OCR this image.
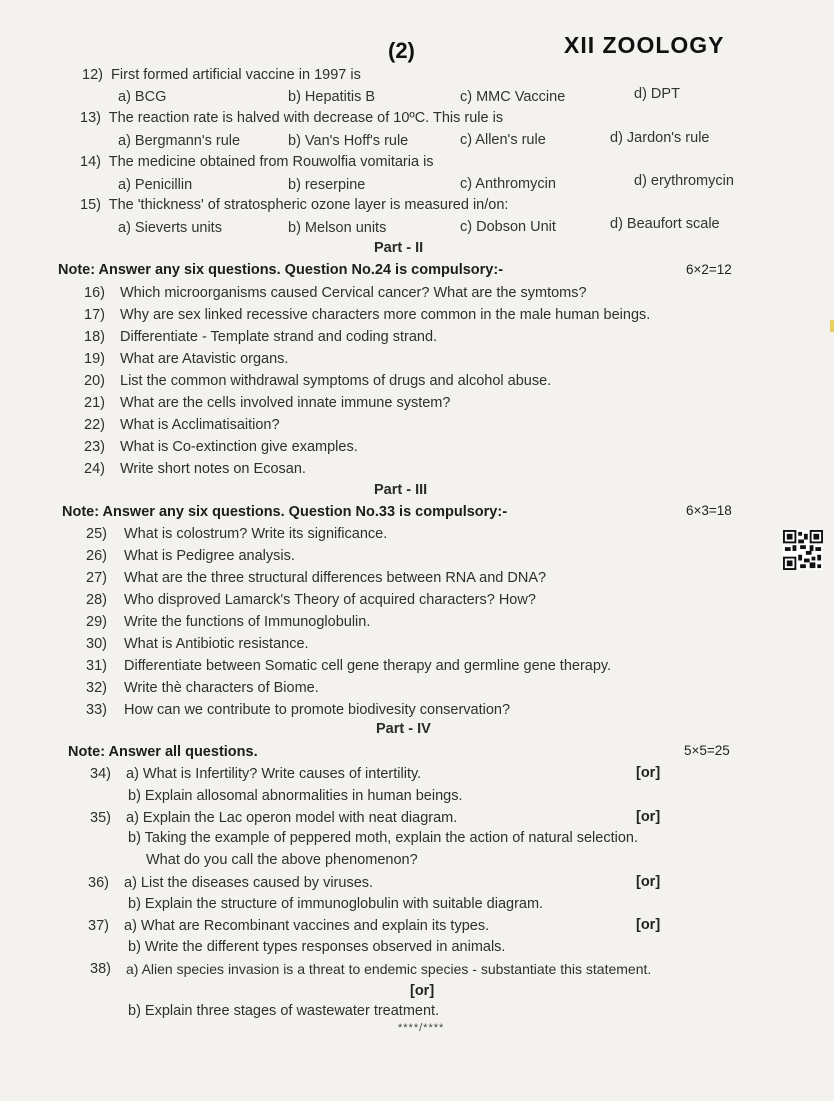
(2)	XII ZOOLOGY
12) First formed artificial vaccine in 1997 is
a) BCG	b) Hepatitis B	c) MMC Vaccine	d) DPT
13) The reaction rate is halved with decrease of 10ºC. This rule is
a) Bergmann's rule	b) Van's Hoff's rule	c) Allen's rule	d) Jardon's rule
14) The medicine obtained from Rouwolfia vomitaria is
a) Penicillin	b) reserpine	c) Anthromycin	d) erythromycin
15) The 'thickness' of stratospheric ozone layer is measured in/on:
a) Sieverts units	b) Melson units	c) Dobson Unit	d) Beaufort scale
Part - II
Note: Answer any six questions. Question No.24 is compulsory:-	6×2=12
16) Which microorganisms caused Cervical cancer? What are the symtoms?
17) Why are sex linked recessive characters more common in the male human beings.
18) Differentiate - Template strand and coding strand.
19) What are Atavistic organs.
20) List the common withdrawal symptoms of drugs and alcohol abuse.
21) What are the cells involved innate immune system?
22) What is Acclimatisaition?
23) What is Co-extinction give examples.
24) Write short notes on Ecosan.
Part - III
Note: Answer any six questions. Question No.33 is compulsory:-	6×3=18
25) What is colostrum? Write its significance.
26) What is Pedigree analysis.
27) What are the three structural differences between RNA and DNA?
28) Who disproved Lamarck's Theory of acquired characters? How?
29) Write the functions of Immunoglobulin.
30) What is Antibiotic resistance.
31) Differentiate between Somatic cell gene therapy and germline gene therapy.
32) Write thè characters of Biome.
33) How can we contribute to promote biodivesity conservation?
Part - IV
Note: Answer all questions.	5×5=25
34) a) What is Infertility? Write causes of intertility.	[or]
b) Explain allosomal abnormalities in human beings.
35) a) Explain the Lac operon model with neat diagram.	[or]
b) Taking the example of peppered moth, explain the action of natural selection.
What do you call the above phenomenon?
36) a) List the diseases caused by viruses.	[or]
b) Explain the structure of immunoglobulin with suitable diagram.
37) a) What are Recombinant vaccines and explain its types.	[or]
b) Write the different types responses observed in animals.
38) a) Alien species invasion is a threat to endemic species - substantiate this statement.
[or]
b) Explain three stages of wastewater treatment.
****/****
